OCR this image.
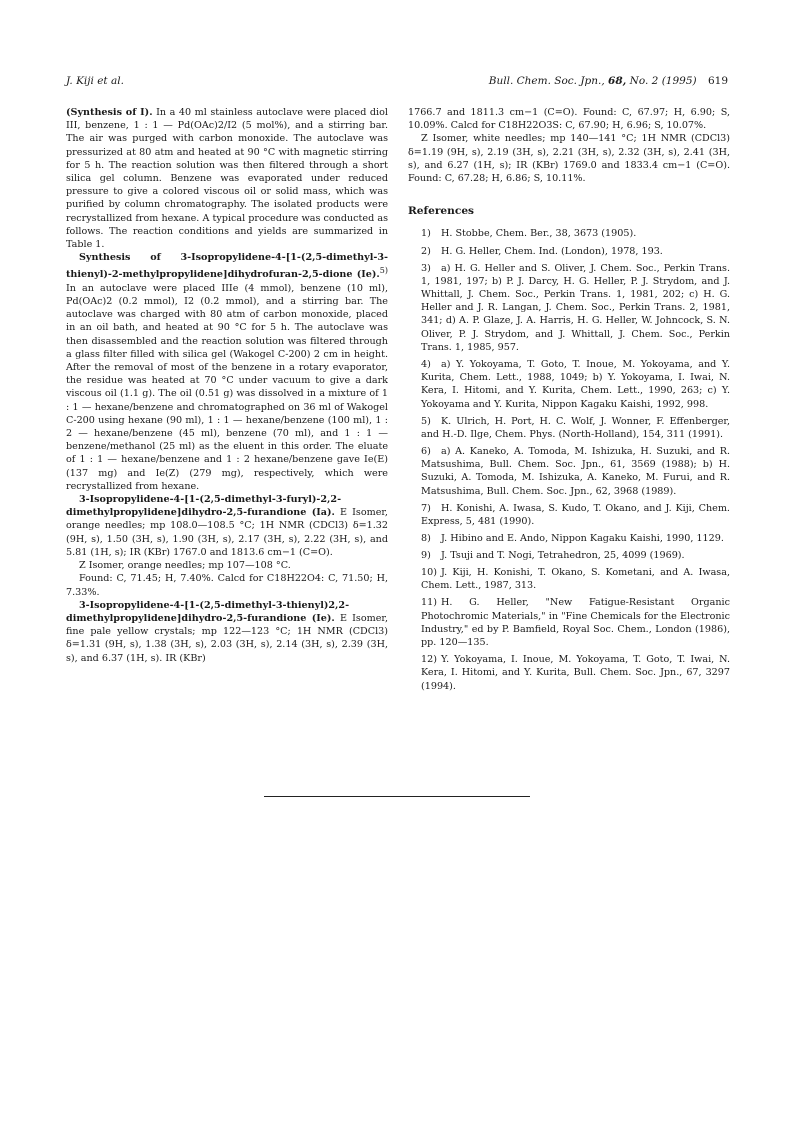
J. Kiji et al.	Bull. Chem. Soc. Jpn., 68, No. 2 (1995) 619

(Synthesis of I). In a 40 ml stainless autoclave were placed diol III, benzene, 1 : 1 — Pd(OAc)2/I2 (5 mol%), and a stirring bar. The air was purged with carbon monoxide. The autoclave was pressurized at 80 atm and heated at 90 °C with magnetic stirring for 5 h. The reaction solution was then filtered through a short silica gel column. Benzene was evaporated under reduced pressure to give a colored viscous oil or solid mass, which was purified by column chromatography. The isolated products were recrystallized from hexane. A typical procedure was conducted as follows. The reaction conditions and yields are summarized in Table 1.

Synthesis of 3-Isopropylidene-4-[1-(2,5-dimethyl-3-thienyl)-2-methylpropylidene]dihydrofuran-2,5-dione (Ie).$^{5)}$ In an autoclave were placed IIIe (4 mmol), benzene (10 ml), Pd(OAc)2 (0.2 mmol), I2 (0.2 mmol), and a stirring bar. The autoclave was charged with 80 atm of carbon monoxide, placed in an oil bath, and heated at 90 °C for 5 h. The autoclave was then disassembled and the reaction solution was filtered through a glass filter filled with silica gel (Wakogel C-200) 2 cm in height. After the removal of most of the benzene in a rotary evaporator, the residue was heated at 70 °C under vacuum to give a dark viscous oil (1.1 g). The oil (0.51 g) was dissolved in a mixture of 1 : 1 — hexane/benzene and chromatographed on 36 ml of Wakogel C-200 using hexane (90 ml), 1 : 1 — hexane/benzene (100 ml), 1 : 2 — hexane/benzene (45 ml), benzene (70 ml), and 1 : 1 — benzene/methanol (25 ml) as the eluent in this order. The eluate of 1 : 1 — hexane/benzene and 1 : 2 hexane/benzene gave Ie(E) (137 mg) and Ie(Z) (279 mg), respectively, which were recrystallized from hexane.

3-Isopropylidene-4-[1-(2,5-dimethyl-3-furyl)-2,2-dimethylpropylidene]dihydro-2,5-furandione (Ia). E Isomer, orange needles; mp 108.0—108.5 °C; 1H NMR (CDCl3) δ=1.32 (9H, s), 1.50 (3H, s), 1.90 (3H, s), 2.17 (3H, s), 2.22 (3H, s), and 5.81 (1H, s); IR (KBr) 1767.0 and 1813.6 cm−1 (C=O).

Z Isomer, orange needles; mp 107—108 °C.

Found: C, 71.45; H, 7.40%. Calcd for C18H22O4: C, 71.50; H, 7.33%.

3-Isopropylidene-4-[1-(2,5-dimethyl-3-thienyl)2,2-dimethylpropylidene]dihydro-2,5-furandione (Ie). E Isomer, fine pale yellow crystals; mp 122—123 °C; 1H NMR (CDCl3) δ=1.31 (9H, s), 1.38 (3H, s), 2.03 (3H, s), 2.14 (3H, s), 2.39 (3H, s), and 6.37 (1H, s). IR (KBr)

1766.7 and 1811.3 cm−1 (C=O). Found: C, 67.97; H, 6.90; S, 10.09%. Calcd for C18H22O3S: C, 67.90; H, 6.96; S, 10.07%.

Z Isomer, white needles; mp 140—141 °C; 1H NMR (CDCl3) δ=1.19 (9H, s), 2.19 (3H, s), 2.21 (3H, s), 2.32 (3H, s), 2.41 (3H, s), and 6.27 (1H, s); IR (KBr) 1769.0 and 1833.4 cm−1 (C=O). Found: C, 67.28; H, 6.86; S, 10.11%.

References
1) H. Stobbe, Chem. Ber., 38, 3673 (1905).
2) H. G. Heller, Chem. Ind. (London), 1978, 193.
3) a) H. G. Heller and S. Oliver, J. Chem. Soc., Perkin Trans. 1, 1981, 197; b) P. J. Darcy, H. G. Heller, P. J. Strydom, and J. Whittall, J. Chem. Soc., Perkin Trans. 1, 1981, 202; c) H. G. Heller and J. R. Langan, J. Chem. Soc., Perkin Trans. 2, 1981, 341; d) A. P. Glaze, J. A. Harris, H. G. Heller, W. Johncock, S. N. Oliver, P. J. Strydom, and J. Whittall, J. Chem. Soc., Perkin Trans. 1, 1985, 957.
4) a) Y. Yokoyama, T. Goto, T. Inoue, M. Yokoyama, and Y. Kurita, Chem. Lett., 1988, 1049; b) Y. Yokoyama, I. Iwai, N. Kera, I. Hitomi, and Y. Kurita, Chem. Lett., 1990, 263; c) Y. Yokoyama and Y. Kurita, Nippon Kagaku Kaishi, 1992, 998.
5) K. Ulrich, H. Port, H. C. Wolf, J. Wonner, F. Effenberger, and H.-D. Ilge, Chem. Phys. (North-Holland), 154, 311 (1991).
6) a) A. Kaneko, A. Tomoda, M. Ishizuka, H. Suzuki, and R. Matsushima, Bull. Chem. Soc. Jpn., 61, 3569 (1988); b) H. Suzuki, A. Tomoda, M. Ishizuka, A. Kaneko, M. Furui, and R. Matsushima, Bull. Chem. Soc. Jpn., 62, 3968 (1989).
7) H. Konishi, A. Iwasa, S. Kudo, T. Okano, and J. Kiji, Chem. Express, 5, 481 (1990).
8) J. Hibino and E. Ando, Nippon Kagaku Kaishi, 1990, 1129.
9) J. Tsuji and T. Nogi, Tetrahedron, 25, 4099 (1969).
10) J. Kiji, H. Konishi, T. Okano, S. Kometani, and A. Iwasa, Chem. Lett., 1987, 313.
11) H. G. Heller, "New Fatigue-Resistant Organic Photochromic Materials," in "Fine Chemicals for the Electronic Industry," ed by P. Bamfield, Royal Soc. Chem., London (1986), pp. 120—135.
12) Y. Yokoyama, I. Inoue, M. Yokoyama, T. Goto, T. Iwai, N. Kera, I. Hitomi, and Y. Kurita, Bull. Chem. Soc. Jpn., 67, 3297 (1994).
